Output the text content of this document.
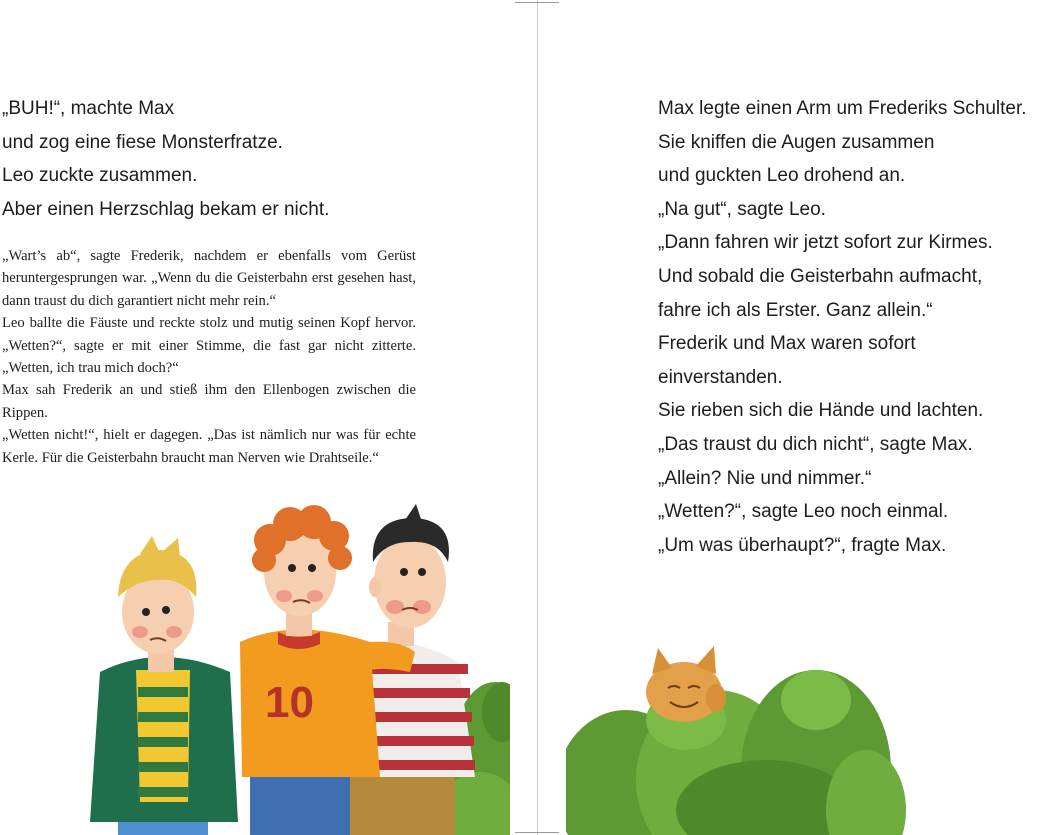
„BUH!“, machte Max
und zog eine fiese Monsterfratze.
Leo zuckte zusammen.
Aber einen Herzschlag bekam er nicht.

„Wart’s ab“, sagte Frederik, nachdem er ebenfalls vom Gerüst heruntergesprungen war. „Wenn du die Geisterbahn erst gesehen hast, dann traust du dich garantiert nicht mehr rein.“

Leo ballte die Fäuste und reckte stolz und mutig seinen Kopf hervor. „Wetten?“, sagte er mit einer Stimme, die fast gar nicht zitterte. „Wetten, ich trau mich doch?“

Max sah Frederik an und stieß ihm den Ellenbogen zwischen die Rippen.

„Wetten nicht!“, hielt er dagegen. „Das ist nämlich nur was für echte Kerle. Für die Geisterbahn braucht man Nerven wie Drahtseile.“

10
Max legte einen Arm um Frederiks Schulter.
Sie kniffen die Augen zusammen
und guckten Leo drohend an.
„Na gut“, sagte Leo.
„Dann fahren wir jetzt sofort zur Kirmes.
Und sobald die Geisterbahn aufmacht,
fahre ich als Erster. Ganz allein.“
Frederik und Max waren sofort
einverstanden.
Sie rieben sich die Hände und lachten.
„Das traust du dich nicht“, sagte Max.
„Allein? Nie und nimmer.“
„Wetten?“, sagte Leo noch einmal.
„Um was überhaupt?“, fragte Max.
